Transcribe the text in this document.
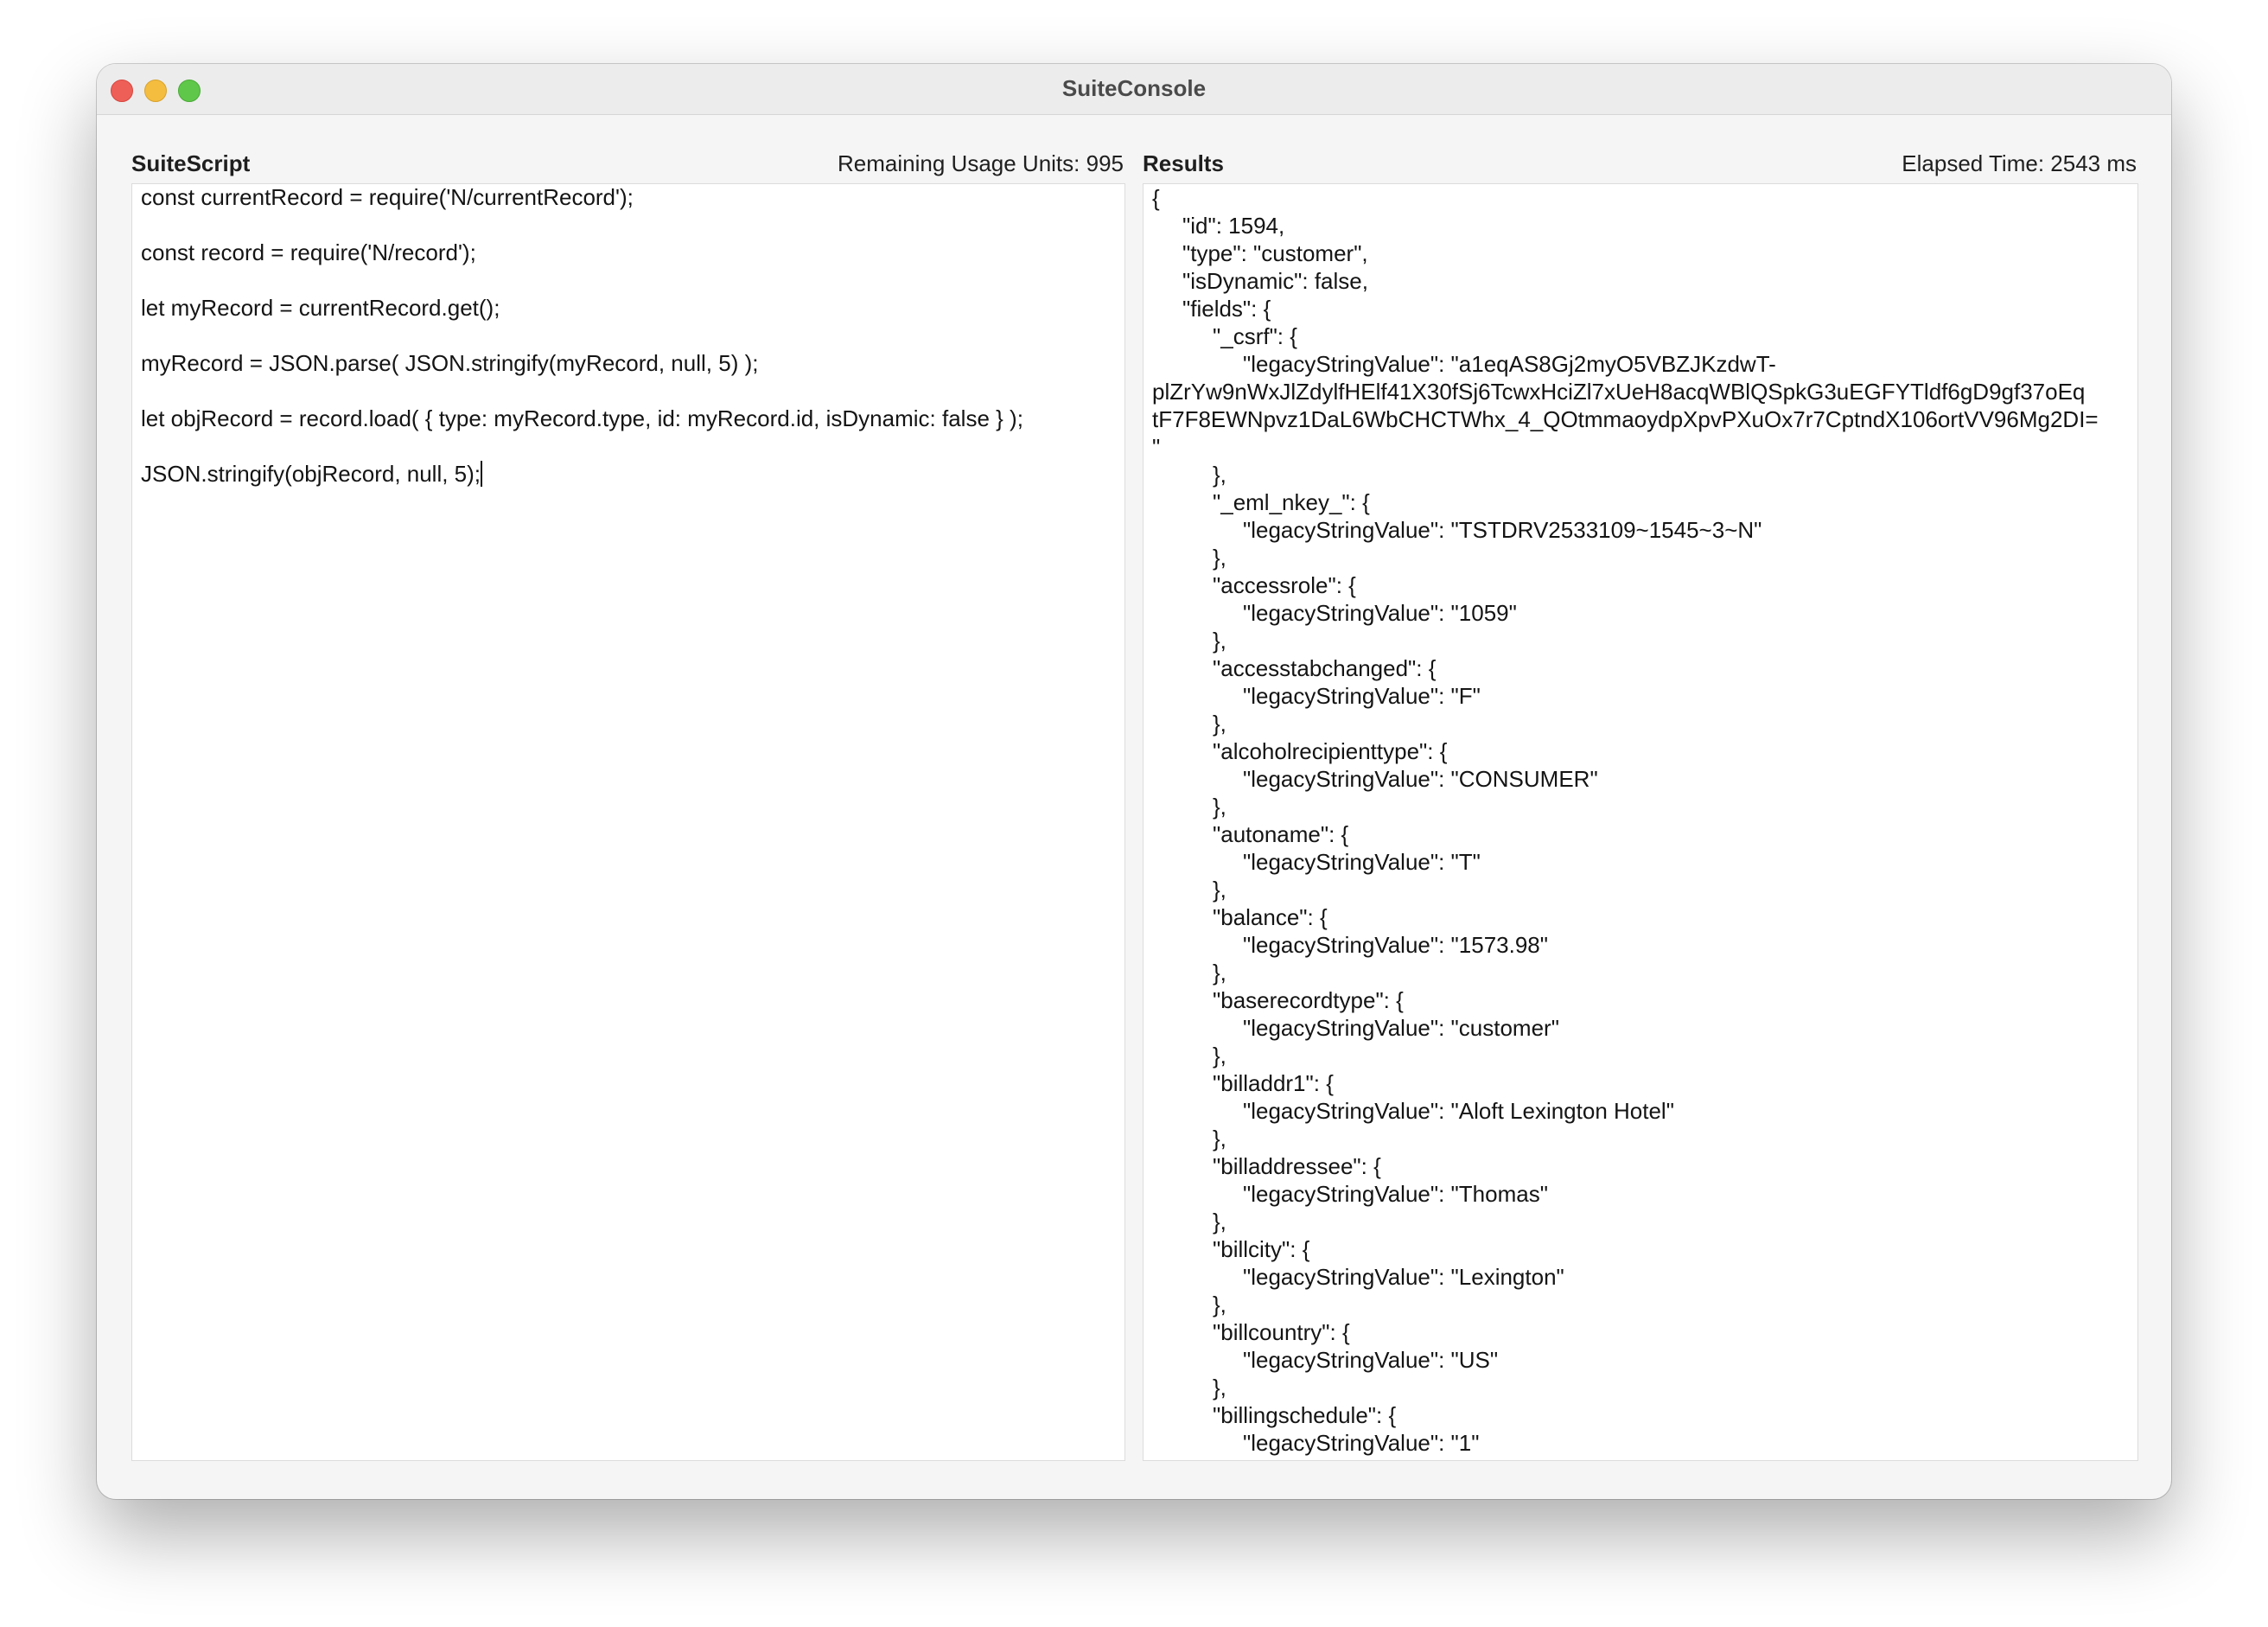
SuiteConsole
SuiteScript	Remaining Usage Units: 995 Results	Elapsed Time: 2543 ms
const currentRecord = require('N/currentRecord');
const record = require('N/record');
let myRecord = currentRecord.get();
myRecord = JSON.parse( JSON.stringify(myRecord, null, 5) );
let objRecord = record.load( { type: myRecord.type, id: myRecord.id, isDynamic: false } );
JSON.stringify(objRecord, null, 5);
{
"id": 1594,
"type": "customer",
"isDynamic": false,
"fields": {
"_csrf": {
"legacyStringValue": "a1eqAS8Gj2myO5VBZJKzdwT-
plZrYw9nWxJlZdylfHElf41X30fSj6TcwxHciZl7xUeH8acqWBlQSpkG3uEGFYTldf6gD9gf37oEq
tF7F8EWNpvz1DaL6WbCHCTWhx_4_QOtmmaoydpXpvPXuOx7r7CptndX106ortVV96Mg2DI=
"
},
"_eml_nkey_": {
"legacyStringValue": "TSTDRV2533109~1545~3~N"
},
"accessrole": {
"legacyStringValue": "1059"
},
"accesstabchanged": {
"legacyStringValue": "F"
},
"alcoholrecipienttype": {
"legacyStringValue": "CONSUMER"
},
"autoname": {
"legacyStringValue": "T"
},
"balance": {
"legacyStringValue": "1573.98"
},
"baserecordtype": {
"legacyStringValue": "customer"
},
"billaddr1": {
"legacyStringValue": "Aloft Lexington Hotel"
},
"billaddressee": {
"legacyStringValue": "Thomas"
},
"billcity": {
"legacyStringValue": "Lexington"
},
"billcountry": {
"legacyStringValue": "US"
},
"billingschedule": {
"legacyStringValue": "1"
